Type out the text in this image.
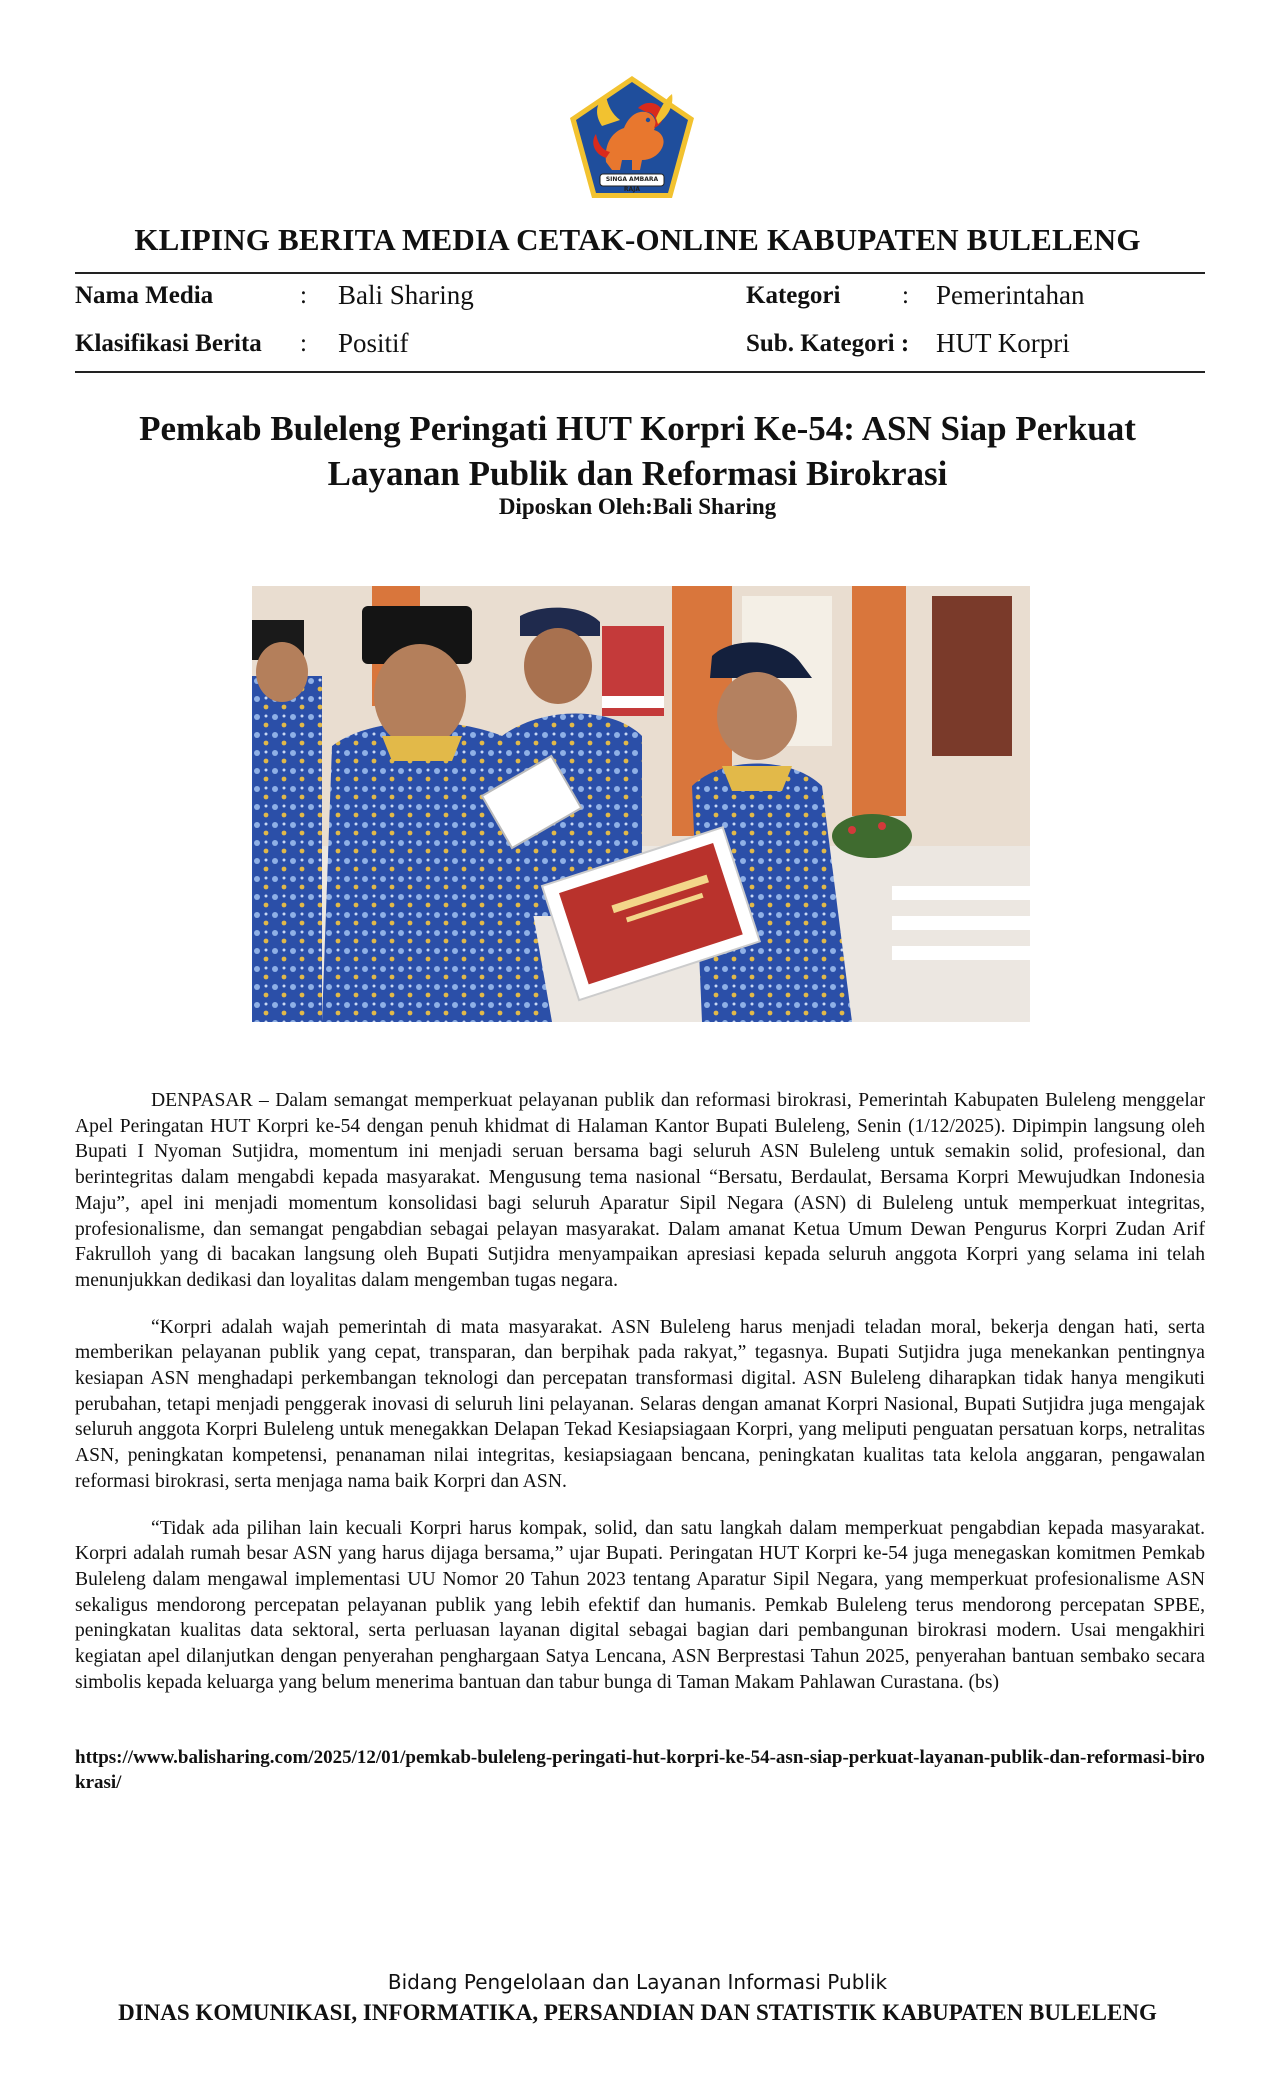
SINGA AMBARA RAJA
KLIPING BERITA MEDIA CETAK-ONLINE KABUPATEN BULELENG
Nama Media	: Bali Sharing	Kategori : Pemerintahan
Klasifikasi Berita : Positif	Sub. Kategori : HUT Korpri
Pemkab Buleleng Peringati HUT Korpri Ke-54: ASN Siap Perkuat Layanan Publik dan Reformasi Birokrasi
Diposkan Oleh:Bali Sharing

DENPASAR – Dalam semangat memperkuat pelayanan publik dan reformasi birokrasi, Pemerintah Kabupaten Buleleng menggelar Apel Peringatan HUT Korpri ke-54 dengan penuh khidmat di Halaman Kantor Bupati Buleleng, Senin (1/12/2025). Dipimpin langsung oleh Bupati I Nyoman Sutjidra, momentum ini menjadi seruan bersama bagi seluruh ASN Buleleng untuk semakin solid, profesional, dan berintegritas dalam mengabdi kepada masyarakat. Mengusung tema nasional “Bersatu, Berdaulat, Bersama Korpri Mewujudkan Indonesia Maju”, apel ini menjadi momentum konsolidasi bagi seluruh Aparatur Sipil Negara (ASN) di Buleleng untuk memperkuat integritas, profesionalisme, dan semangat pengabdian sebagai pelayan masyarakat. Dalam amanat Ketua Umum Dewan Pengurus Korpri Zudan Arif Fakrulloh yang di bacakan langsung oleh Bupati Sutjidra menyampaikan apresiasi kepada seluruh anggota Korpri yang selama ini telah menunjukkan dedikasi dan loyalitas dalam mengemban tugas negara.

“Korpri adalah wajah pemerintah di mata masyarakat. ASN Buleleng harus menjadi teladan moral, bekerja dengan hati, serta memberikan pelayanan publik yang cepat, transparan, dan berpihak pada rakyat,” tegasnya. Bupati Sutjidra juga menekankan pentingnya kesiapan ASN menghadapi perkembangan teknologi dan percepatan transformasi digital. ASN Buleleng diharapkan tidak hanya mengikuti perubahan, tetapi menjadi penggerak inovasi di seluruh lini pelayanan. Selaras dengan amanat Korpri Nasional, Bupati Sutjidra juga mengajak seluruh anggota Korpri Buleleng untuk menegakkan Delapan Tekad Kesiapsiagaan Korpri, yang meliputi penguatan persatuan korps, netralitas ASN, peningkatan kompetensi, penanaman nilai integritas, kesiapsiagaan bencana, peningkatan kualitas tata kelola anggaran, pengawalan reformasi birokrasi, serta menjaga nama baik Korpri dan ASN.

“Tidak ada pilihan lain kecuali Korpri harus kompak, solid, dan satu langkah dalam memperkuat pengabdian kepada masyarakat. Korpri adalah rumah besar ASN yang harus dijaga bersama,” ujar Bupati. Peringatan HUT Korpri ke-54 juga menegaskan komitmen Pemkab Buleleng dalam mengawal implementasi UU Nomor 20 Tahun 2023 tentang Aparatur Sipil Negara, yang memperkuat profesionalisme ASN sekaligus mendorong percepatan pelayanan publik yang lebih efektif dan humanis. Pemkab Buleleng terus mendorong percepatan SPBE, peningkatan kualitas data sektoral, serta perluasan layanan digital sebagai bagian dari pembangunan birokrasi modern. Usai mengakhiri kegiatan apel dilanjutkan dengan penyerahan penghargaan Satya Lencana, ASN Berprestasi Tahun 2025, penyerahan bantuan sembako secara simbolis kepada keluarga yang belum menerima bantuan dan tabur bunga di Taman Makam Pahlawan Curastana. (bs)

https://www.balisharing.com/2025/12/01/pemkab-buleleng-peringati-hut-korpri-ke-54-asn-siap-perkuat-layanan-publik-dan-reformasi-birokrasi/
Bidang Pengelolaan dan Layanan Informasi Publik
DINAS KOMUNIKASI, INFORMATIKA, PERSANDIAN DAN STATISTIK KABUPATEN BULELENG
